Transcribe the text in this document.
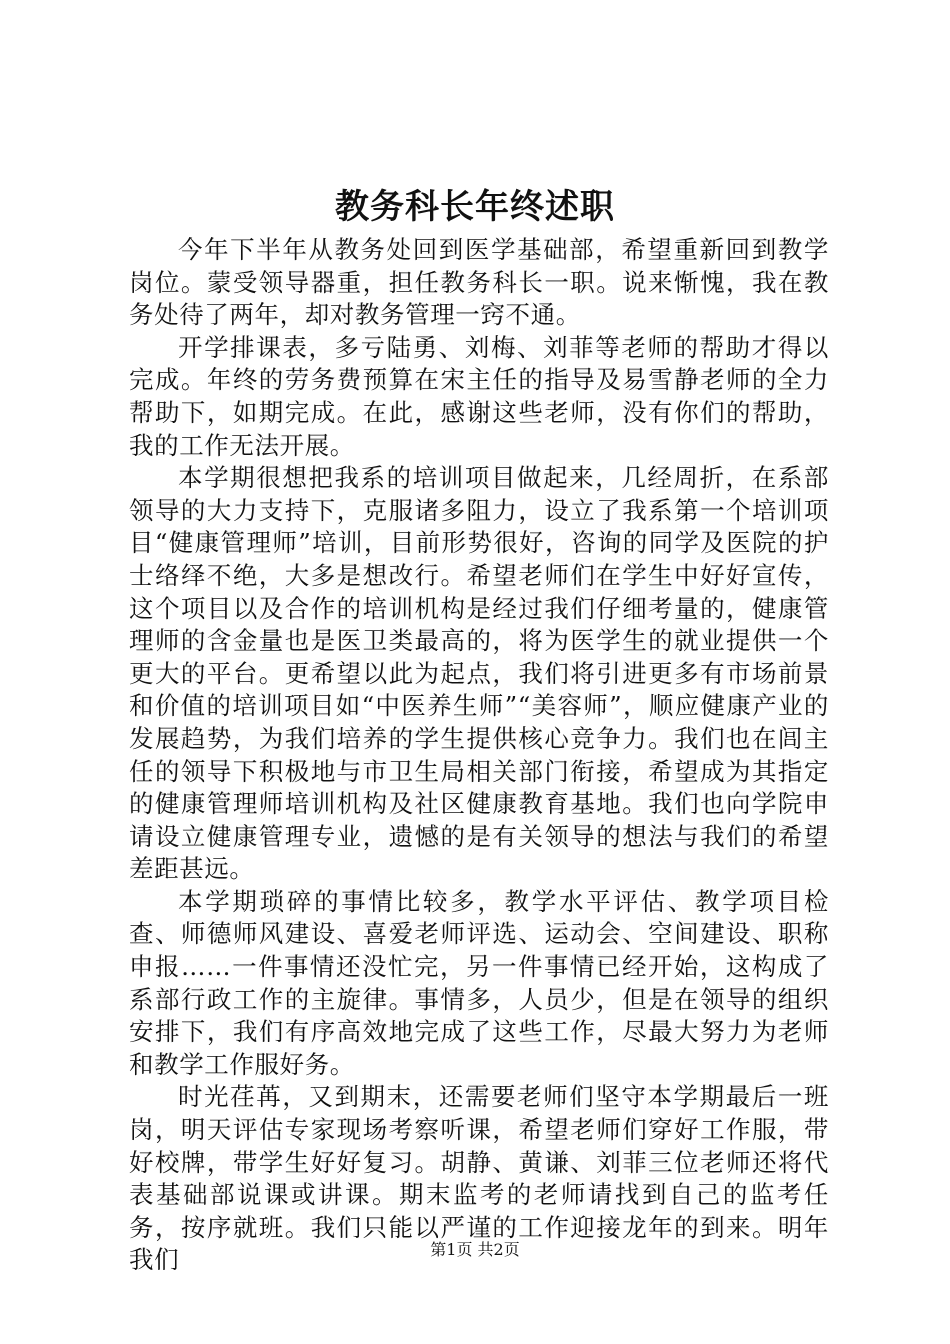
教务科长年终述职

今年下半年从教务处回到医学基础部，希望重新回到教学岗位。蒙受领导器重，担任教务科长一职。说来惭愧，我在教务处待了两年，却对教务管理一窍不通。

开学排课表，多亏陆勇、刘梅、刘菲等老师的帮助才得以完成。年终的劳务费预算在宋主任的指导及易雪静老师的全力帮助下，如期完成。在此，感谢这些老师，没有你们的帮助，我的工作无法开展。

本学期很想把我系的培训项目做起来，几经周折，在系部领导的大力支持下，克服诸多阻力，设立了我系第一个培训项目“健康管理师”培训，目前形势很好，咨询的同学及医院的护士络绎不绝，大多是想改行。希望老师们在学生中好好宣传，这个项目以及合作的培训机构是经过我们仔细考量的，健康管理师的含金量也是医卫类最高的，将为医学生的就业提供一个更大的平台。更希望以此为起点，我们将引进更多有市场前景和价值的培训项目如“中医养生师”“美容师”，顺应健康产业的发展趋势，为我们培养的学生提供核心竞争力。我们也在闾主任的领导下积极地与市卫生局相关部门衔接，希望成为其指定的健康管理师培训机构及社区健康教育基地。我们也向学院申请设立健康管理专业，遗憾的是有关领导的想法与我们的希望差距甚远。

本学期琐碎的事情比较多，教学水平评估、教学项目检查、师德师风建设、喜爱老师评选、运动会、空间建设、职称申报……一件事情还没忙完，另一件事情已经开始，这构成了系部行政工作的主旋律。事情多，人员少，但是在领导的组织安排下，我们有序高效地完成了这些工作，尽最大努力为老师和教学工作服好务。

时光荏苒，又到期末，还需要老师们坚守本学期最后一班岗，明天评估专家现场考察听课，希望老师们穿好工作服，带好校牌，带学生好好复习。胡静、黄谦、刘菲三位老师还将代表基础部说课或讲课。期末监考的老师请找到自己的监考任务，按序就班。我们只能以严谨的工作迎接龙年的到来。明年我们	第1页 共2页
